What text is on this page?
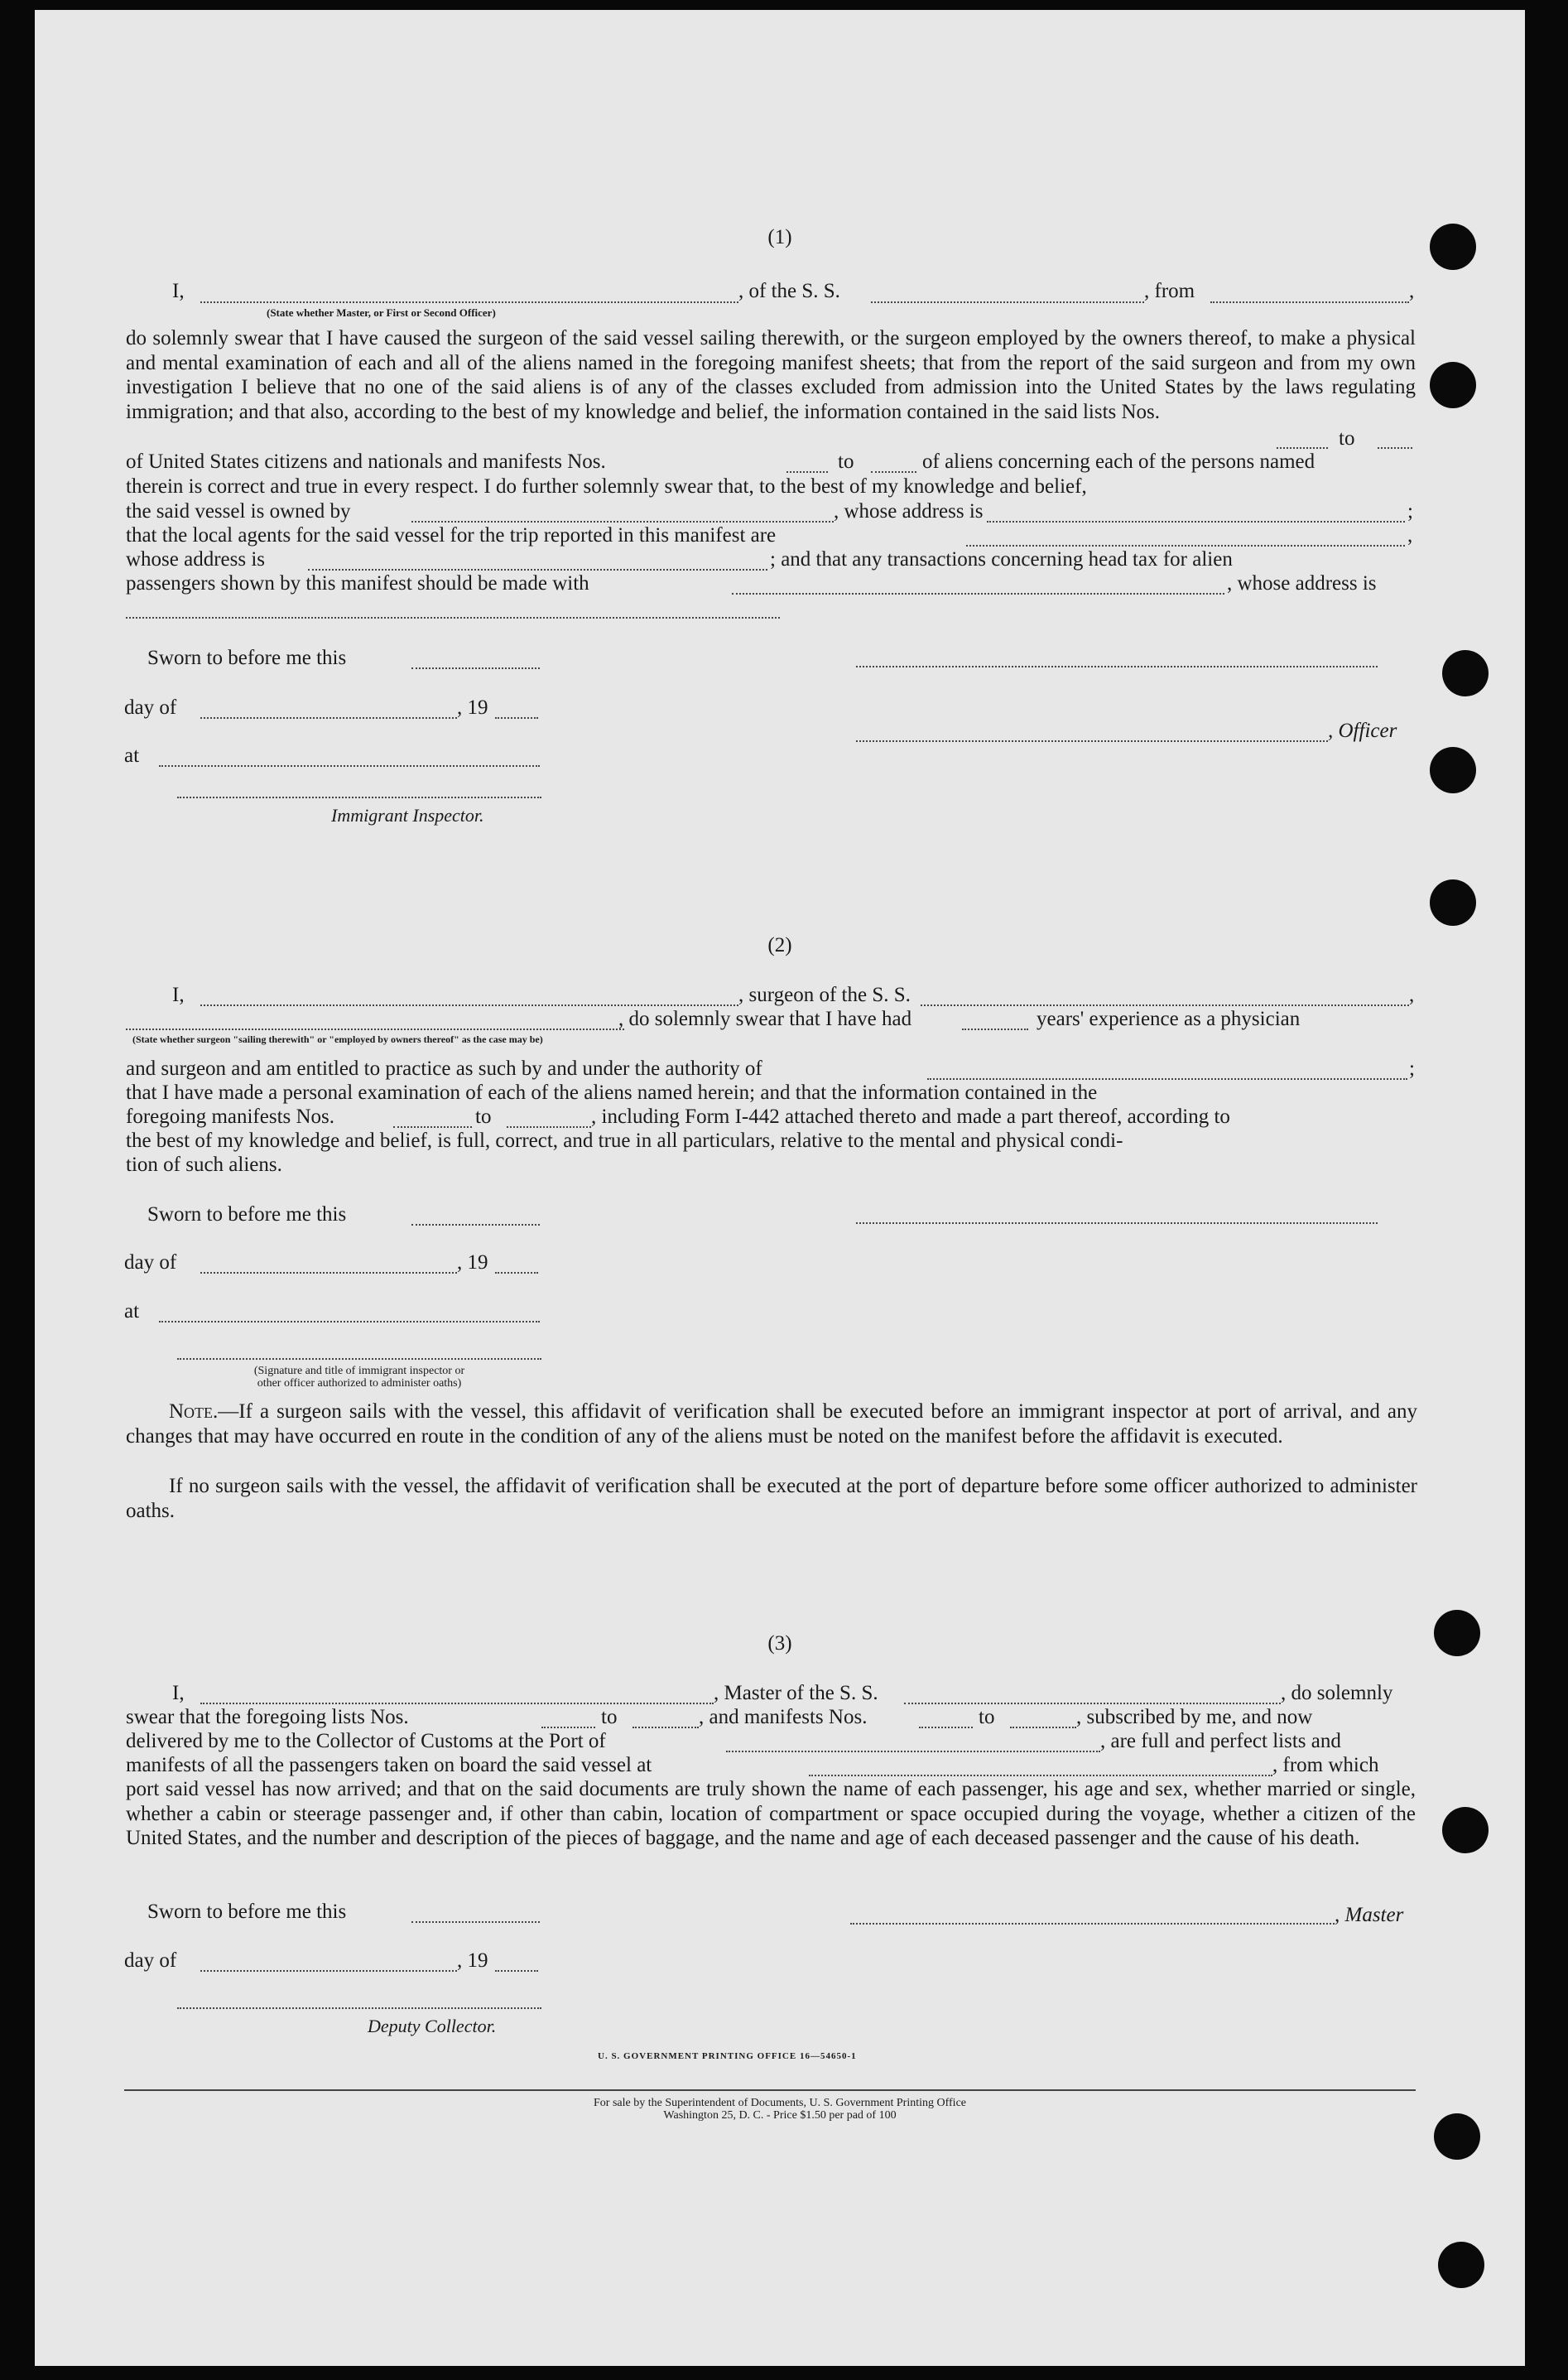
(1)
I,
(State whether Master, or First or Second Officer)
, of the S. S.	, from	,
do solemnly swear that I have caused the surgeon of the said vessel sailing therewith, or the surgeon employed by the owners thereof, to make a physical and mental examination of each and all of the aliens named in the foregoing manifest sheets; that from the report of the said surgeon and from my own investigation I believe that no one of the said aliens is of any of the classes excluded from admission into the United States by the laws regulating immigration; and that also, according to the best of my knowledge and belief, the information contained in the said lists Nos.
to
of United States citizens and nationals and manifests Nos.	to	of aliens concerning each of the persons named
therein is correct and true in every respect. I do further solemnly swear that, to the best of my knowledge and belief,
the said vessel is owned by	, whose address is	;
that the local agents for the said vessel for the trip reported in this manifest are	,
whose address is	; and that any transactions concerning head tax for alien
passengers shown by this manifest should be made with	, whose address is
Sworn to before me this
day of	, 19
, Officer
at
Immigrant Inspector.
(2)
I,	, surgeon of the S. S.	,
, do solemnly swear that I have had	years' experience as a physician
(State whether surgeon "sailing therewith" or "employed by owners thereof" as the case may be)
and surgeon and am entitled to practice as such by and under the authority of	;
that I have made a personal examination of each of the aliens named herein; and that the information contained in the
foregoing manifests Nos.	to	, including Form I-442 attached thereto and made a part thereof, according to
the best of my knowledge and belief, is full, correct, and true in all particulars, relative to the mental and physical condi-
tion of such aliens.
Sworn to before me this
day of	, 19
at
(Signature and title of immigrant inspector or
other officer authorized to administer oaths)
Note.—If a surgeon sails with the vessel, this affidavit of verification shall be executed before an immigrant inspector at port of arrival, and any changes that may have occurred en route in the condition of any of the aliens must be noted on the manifest before the affidavit is executed.
If no surgeon sails with the vessel, the affidavit of verification shall be executed at the port of departure before some officer authorized to administer oaths.
(3)
I,	, Master of the S. S.	, do solemnly
swear that the foregoing lists Nos.	to	, and manifests Nos.	to	, subscribed by me, and now
delivered by me to the Collector of Customs at the Port of	, are full and perfect lists and
manifests of all the passengers taken on board the said vessel at	, from which
port said vessel has now arrived; and that on the said documents are truly shown the name of each passenger, his age and sex, whether married or single, whether a cabin or steerage passenger and, if other than cabin, location of compartment or space occupied during the voyage, whether a citizen of the United States, and the number and description of the pieces of baggage, and the name and age of each deceased passenger and the cause of his death.
Sworn to before me this	, Master
day of	, 19
Deputy Collector.
U. S. GOVERNMENT PRINTING OFFICE 16—54650-1
For sale by the Superintendent of Documents, U. S. Government Printing Office
Washington 25, D. C. - Price $1.50 per pad of 100
